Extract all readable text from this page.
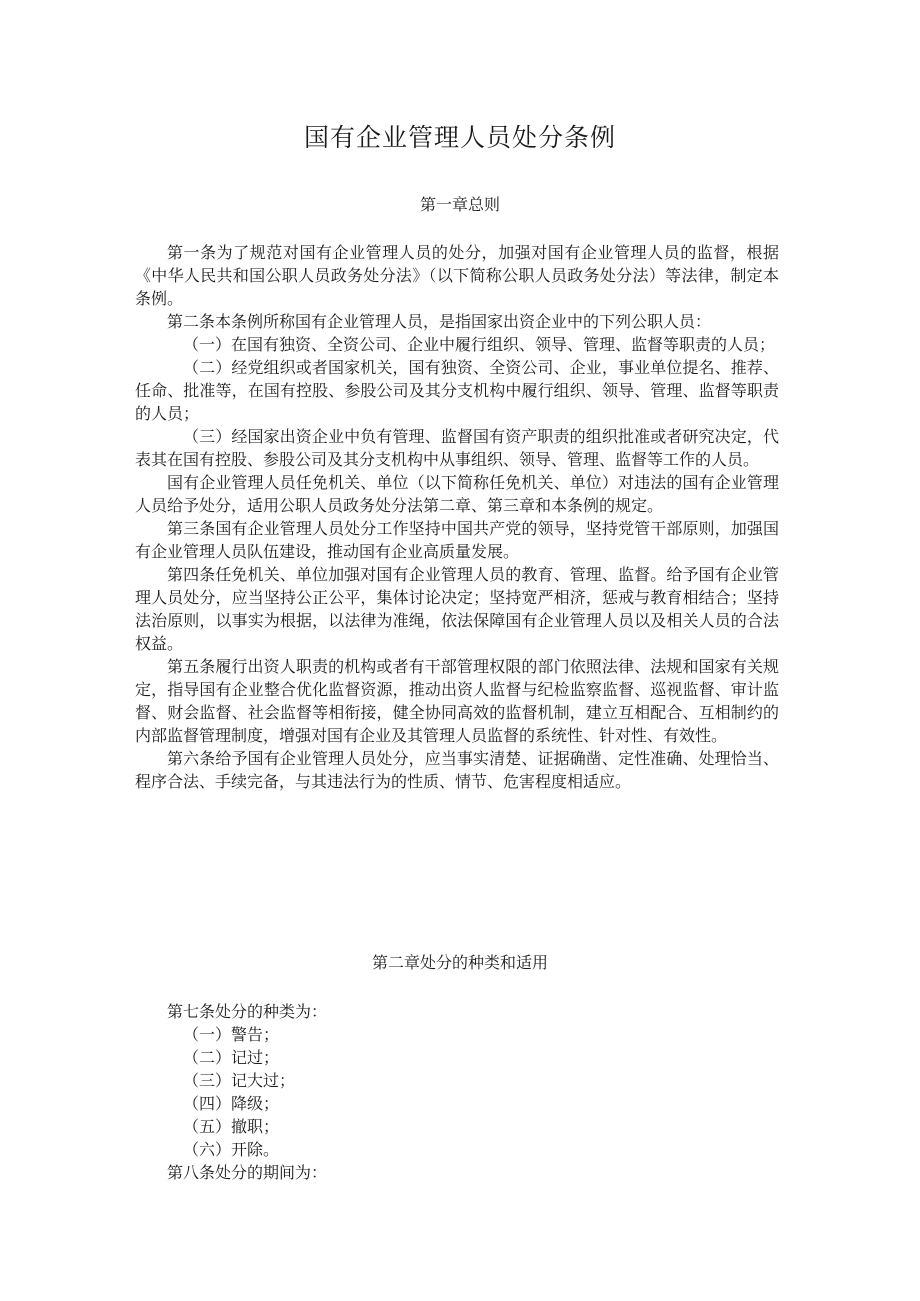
国有企业管理人员处分条例
第一章总则

第一条为了规范对国有企业管理人员的处分，加强对国有企业管理人员的监督，根据《中华人民共和国公职人员政务处分法》（以下简称公职人员政务处分法）等法律，制定本条例。

第二条本条例所称国有企业管理人员，是指国家出资企业中的下列公职人员：

（一）在国有独资、全资公司、企业中履行组织、领导、管理、监督等职责的人员；

（二）经党组织或者国家机关，国有独资、全资公司、企业，事业单位提名、推荐、任命、批准等，在国有控股、参股公司及其分支机构中履行组织、领导、管理、监督等职责的人员；

（三）经国家出资企业中负有管理、监督国有资产职责的组织批准或者研究决定，代表其在国有控股、参股公司及其分支机构中从事组织、领导、管理、监督等工作的人员。

国有企业管理人员任免机关、单位（以下简称任免机关、单位）对违法的国有企业管理人员给予处分，适用公职人员政务处分法第二章、第三章和本条例的规定。

第三条国有企业管理人员处分工作坚持中国共产党的领导，坚持党管干部原则，加强国有企业管理人员队伍建设，推动国有企业高质量发展。

第四条任免机关、单位加强对国有企业管理人员的教育、管理、监督。给予国有企业管理人员处分，应当坚持公正公平，集体讨论决定；坚持宽严相济，惩戒与教育相结合；坚持法治原则，以事实为根据，以法律为准绳，依法保障国有企业管理人员以及相关人员的合法权益。

第五条履行出资人职责的机构或者有干部管理权限的部门依照法律、法规和国家有关规定，指导国有企业整合优化监督资源，推动出资人监督与纪检监察监督、巡视监督、审计监督、财会监督、社会监督等相衔接，健全协同高效的监督机制，建立互相配合、互相制约的内部监督管理制度，增强对国有企业及其管理人员监督的系统性、针对性、有效性。

第六条给予国有企业管理人员处分，应当事实清楚、证据确凿、定性准确、处理恰当、程序合法、手续完备，与其违法行为的性质、情节、危害程度相适应。

第二章处分的种类和适用

第七条处分的种类为：

（一）警告；

（二）记过；

（三）记大过；

（四）降级；

（五）撤职；

（六）开除。

第八条处分的期间为：
